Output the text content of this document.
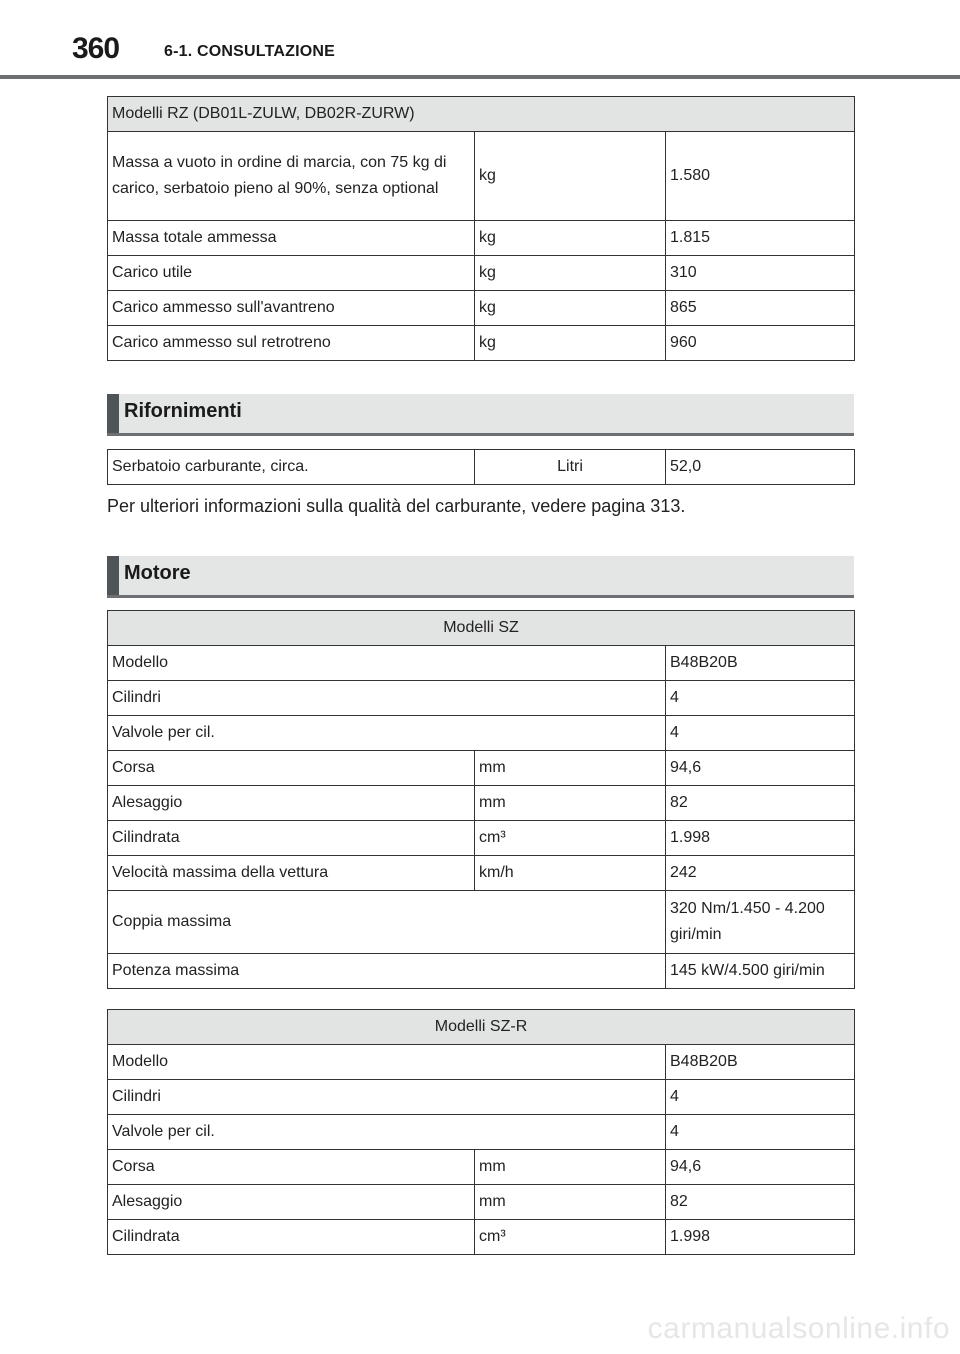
360	6-1. CONSULTAZIONE
Modelli RZ (DB01L-ZULW, DB02R-ZURW)		
Massa a vuoto in ordine di marcia, con 75 kg di carico, serbatoio pieno al 90%, senza optional	kg	1.580
Massa totale ammessa	kg	1.815
Carico utile	kg	310
Carico ammesso sull'avantreno	kg	865
Carico ammesso sul retrotreno	kg	960
Rifornimenti
Serbatoio carburante, circa.	Litri	52,0
Per ulteriori informazioni sulla qualità del carburante, vedere pagina 313.
Motore
Modelli SZ		
Modello		B48B20B
Cilindri		4
Valvole per cil.		4
Corsa	mm	94,6
Alesaggio	mm	82
Cilindrata	cm³	1.998
Velocità massima della vettura	km/h	242
Coppia massima		320 Nm/1.450 - 4.200 giri/min
Potenza massima		145 kW/4.500 giri/min
Modelli SZ-R		
Modello		B48B20B
Cilindri		4
Valvole per cil.		4
Corsa	mm	94,6
Alesaggio	mm	82
Cilindrata	cm³	1.998
carmanualsonline.info
